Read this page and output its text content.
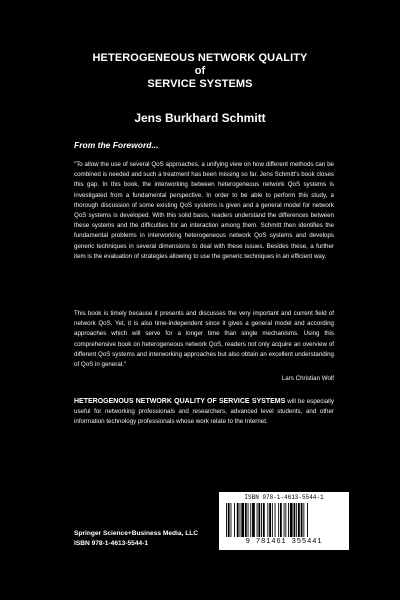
HETEROGENEOUS NETWORK QUALITY
of
SERVICE SYSTEMS
Jens Burkhard Schmitt
From the Foreword...
"To allow the use of several QoS approaches, a unifying view on how different methods can be combined is needed and such a treatment has been missing so far. Jens Schmitt's book closes this gap. In this book, the interworking between heterogeneous network QoS systems is investigated from a fundamental perspective. In order to be able to perform this study, a thorough discussion of some existing QoS systems is given and a general model for network QoS systems is developed. With this solid basis, readers understand the differences between these systems and the difficulties for an interaction among them. Schmitt then identifies the fundamental problems in interworking heterogeneous network QoS systems and develops generic techniques in several dimensions to deal with these issues. Besides these, a further item is the evaluation of strategies allowing to use the generic techniques in an efficient way.
This book is timely because it presents and discusses the very important and current field of network QoS. Yet, it is also time-independent since it gives a general model and according approaches which will serve for a longer time than single mechanisms. Using this comprehensive book on heterogeneous network QoS, readers not only acquire an overview of different QoS systems and interworking approaches but also obtain an excellent understanding of QoS in general."
Lars Christian Wolf
HETEROGENOUS NETWORK QUALITY OF SERVICE SYSTEMS will be especially useful for networking professionals and researchers, advanced level students, and other information technology professionals whose work relate to the Internet.
Springer Science+Business Media, LLC
ISBN 978-1-4613-5544-1
ISBN 978-1-4613-5544-1
9 781461 355441
